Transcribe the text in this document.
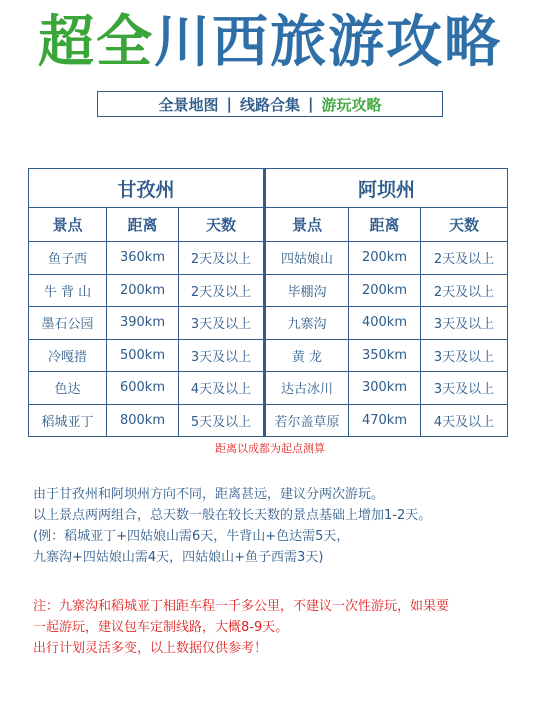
超全川西旅游攻略
全景地图 | 线路合集 | 游玩攻略
甘孜州			阿坝州		
景点	距离	天数	景点	距离	天数
鱼子西	360km	2天及以上	四姑娘山	200km	2天及以上
牛 背 山	200km	2天及以上	毕棚沟	200km	2天及以上
墨石公园	390km	3天及以上	九寨沟	400km	3天及以上
冷嘎措	500km	3天及以上	黄 龙	350km	3天及以上
色达	600km	4天及以上	达古冰川	300km	3天及以上
稻城亚丁	800km	5天及以上	若尔盖草原	470km	4天及以上
距离以成都为起点测算
由于甘孜州和阿坝州方向不同，距离甚远，建议分两次游玩。
以上景点两两组合，总天数一般在较长天数的景点基础上增加1-2天。
(例：稻城亚丁+四姑娘山需6天，牛背山+色达需5天，
九寨沟+四姑娘山需4天，四姑娘山+鱼子西需3天)
注：九寨沟和稻城亚丁相距车程一千多公里，不建议一次性游玩，如果要
一起游玩，建议包车定制线路，大概8-9天。
出行计划灵活多变，以上数据仅供参考！
